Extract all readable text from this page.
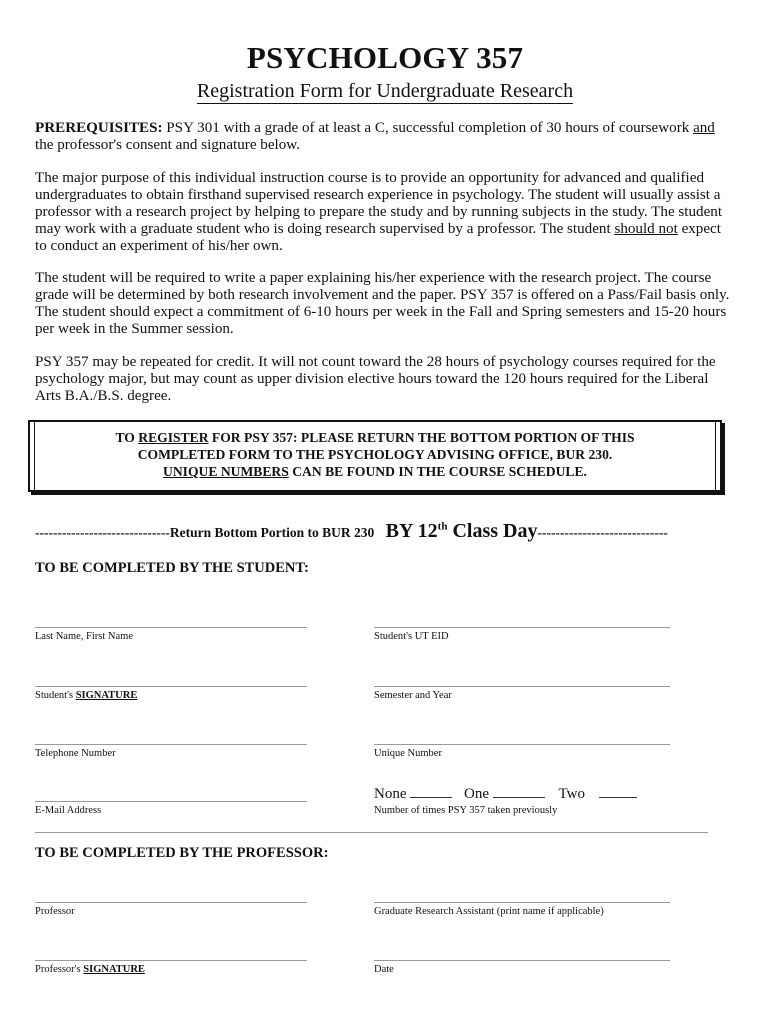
PSYCHOLOGY 357
Registration Form for Undergraduate Research
PREREQUISITES: PSY 301 with a grade of at least a C, successful completion of 30 hours of coursework and the professor's consent and signature below.
The major purpose of this individual instruction course is to provide an opportunity for advanced and qualified undergraduates to obtain firsthand supervised research experience in psychology. The student will usually assist a professor with a research project by helping to prepare the study and by running subjects in the study. The student may work with a graduate student who is doing research supervised by a professor. The student should not expect to conduct an experiment of his/her own.
The student will be required to write a paper explaining his/her experience with the research project. The course grade will be determined by both research involvement and the paper. PSY 357 is offered on a Pass/Fail basis only. The student should expect a commitment of 6-10 hours per week in the Fall and Spring semesters and 15-20 hours per week in the Summer session.
PSY 357 may be repeated for credit. It will not count toward the 28 hours of psychology courses required for the psychology major, but may count as upper division elective hours toward the 120 hours required for the Liberal Arts B.A./B.S. degree.
TO REGISTER FOR PSY 357: PLEASE RETURN THE BOTTOM PORTION OF THIS
COMPLETED FORM TO THE PSYCHOLOGY ADVISING OFFICE, BUR 230.
UNIQUE NUMBERS CAN BE FOUND IN THE COURSE SCHEDULE.
------------------------------Return Bottom Portion to BUR 230 BY 12th Class Day-----------------------------
TO BE COMPLETED BY THE STUDENT:
Last Name, First Name	Student's UT EID
Student's SIGNATURE	Semester and Year
Telephone Number	Unique Number
E-Mail Address
None	One	Two
Number of times PSY 357 taken previously
TO BE COMPLETED BY THE PROFESSOR:
Professor	Graduate Research Assistant (print name if applicable)
Professor's SIGNATURE	Date
